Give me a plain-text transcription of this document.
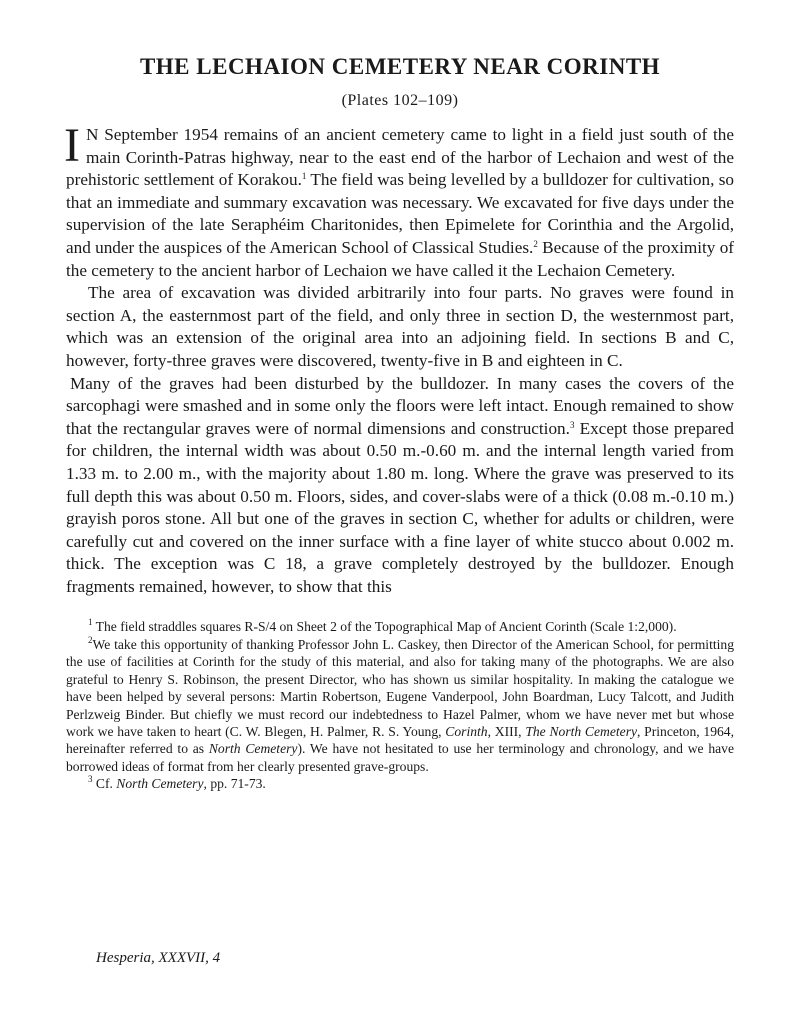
THE LECHAION CEMETERY NEAR CORINTH
(Plates 102–109)

I N September 1954 remains of an ancient cemetery came to light in a field just south of the main Corinth-Patras highway, near to the east end of the harbor of Lechaion and west of the prehistoric settlement of Korakou.$^1$ The field was being levelled by a bulldozer for cultivation, so that an immediate and summary excavation was necessary. We excavated for five days under the supervision of the late Seraphéim Charitonides, then Epimelete for Corinthia and the Argolid, and under the auspices of the American School of Classical Studies.$^2$ Because of the proximity of the cemetery to the ancient harbor of Lechaion we have called it the Lechaion Cemetery.

The area of excavation was divided arbitrarily into four parts. No graves were found in section A, the easternmost part of the field, and only three in section D, the westernmost part, which was an extension of the original area into an adjoining field. In sections B and C, however, forty-three graves were discovered, twenty-five in B and eighteen in C.

Many of the graves had been disturbed by the bulldozer. In many cases the covers of the sarcophagi were smashed and in some only the floors were left intact. Enough remained to show that the rectangular graves were of normal dimensions and construction.$^3$ Except those prepared for children, the internal width was about 0.50 m.-0.60 m. and the internal length varied from 1.33 m. to 2.00 m., with the majority about 1.80 m. long. Where the grave was preserved to its full depth this was about 0.50 m. Floors, sides, and cover-slabs were of a thick (0.08 m.-0.10 m.) grayish poros stone. All but one of the graves in section C, whether for adults or children, were carefully cut and covered on the inner surface with a fine layer of white stucco about 0.002 m. thick. The exception was C 18, a grave completely destroyed by the bulldozer. Enough fragments remained, however, to show that this

$^1$ The field straddles squares R-S/4 on Sheet 2 of the Topographical Map of Ancient Corinth (Scale 1:2,000).

$^2$We take this opportunity of thanking Professor John L. Caskey, then Director of the American School, for permitting the use of facilities at Corinth for the study of this material, and also for taking many of the photographs. We are also grateful to Henry S. Robinson, the present Director, who has shown us similar hospitality. In making the catalogue we have been helped by several persons: Martin Robertson, Eugene Vanderpool, John Boardman, Lucy Talcott, and Judith Perlzweig Binder. But chiefly we must record our indebtedness to Hazel Palmer, whom we have never met but whose work we have taken to heart (C. W. Blegen, H. Palmer, R. S. Young, Corinth, XIII, The North Cemetery, Princeton, 1964, hereinafter referred to as North Cemetery). We have not hesitated to use her terminology and chronology, and we have borrowed ideas of format from her clearly presented grave-groups.

$^3$ Cf. North Cemetery, pp. 71-73.

Hesperia, XXXVII, 4
